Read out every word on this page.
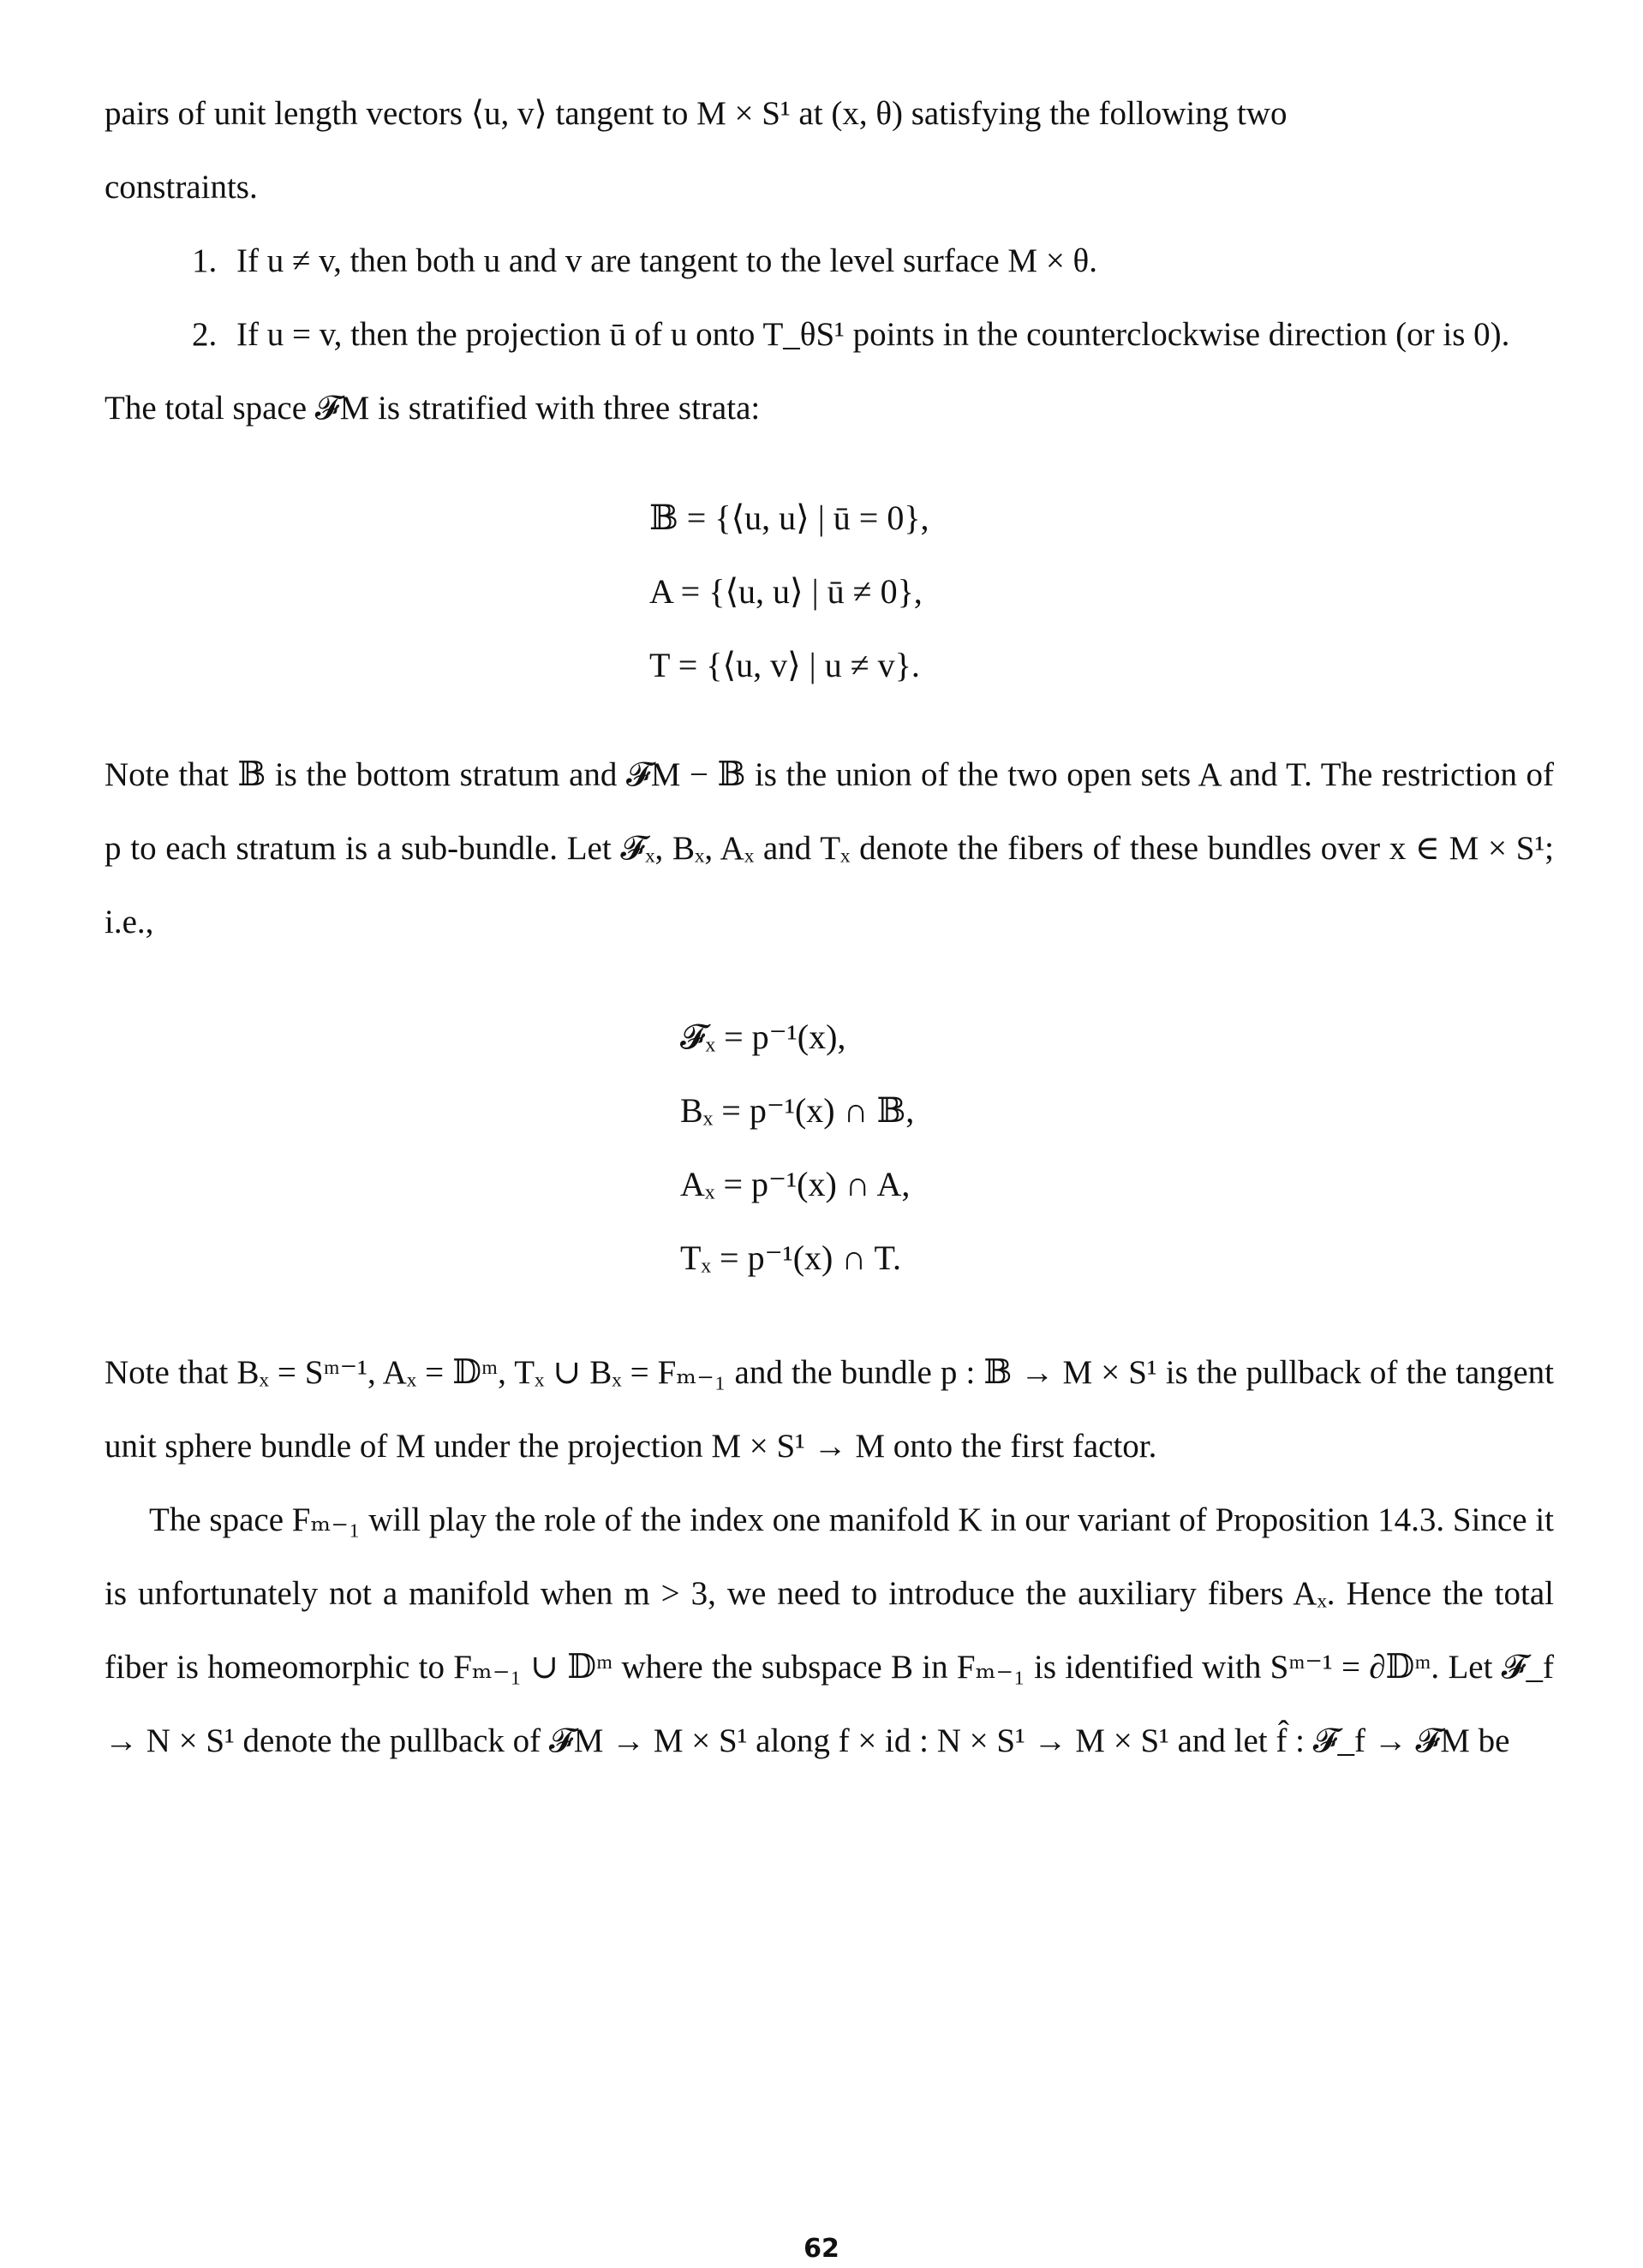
pairs of unit length vectors ⟨u, v⟩ tangent to M × S¹ at (x, θ) satisfying the following two

constraints.

1. If u ≠ v, then both u and v are tangent to the level surface M × θ.
2. If u = v, then the projection ū of u onto T_θS¹ points in the counterclockwise direction (or is 0).

The total space 𝓕M is stratified with three strata:

𝔹 = {⟨u, u⟩ | ū = 0},
A = {⟨u, u⟩ | ū ≠ 0},
T = {⟨u, v⟩ | u ≠ v}.

Note that 𝔹 is the bottom stratum and 𝓕M − 𝔹 is the union of the two open sets A and T. The restriction of p to each stratum is a sub-bundle. Let 𝓕ₓ, Bₓ, Aₓ and Tₓ denote the fibers of these bundles over x ∈ M × S¹; i.e.,

𝓕ₓ = p⁻¹(x),
Bₓ = p⁻¹(x) ∩ 𝔹,
Aₓ = p⁻¹(x) ∩ A,
Tₓ = p⁻¹(x) ∩ T.

Note that Bₓ = Sᵐ⁻¹, Aₓ = 𝔻ᵐ, Tₓ ∪ Bₓ = Fₘ₋₁ and the bundle p : 𝔹 → M × S¹ is the pullback of the tangent unit sphere bundle of M under the projection M × S¹ → M onto the first factor.

The space Fₘ₋₁ will play the role of the index one manifold K in our variant of Proposition 14.3. Since it is unfortunately not a manifold when m > 3, we need to introduce the auxiliary fibers Aₓ. Hence the total fiber is homeomorphic to Fₘ₋₁ ∪ 𝔻ᵐ where the subspace B in Fₘ₋₁ is identified with Sᵐ⁻¹ = ∂𝔻ᵐ. Let 𝓕_f → N × S¹ denote the pullback of 𝓕M → M × S¹ along f × id : N × S¹ → M × S¹ and let f̂ : 𝓕_f → 𝓕M be

62
